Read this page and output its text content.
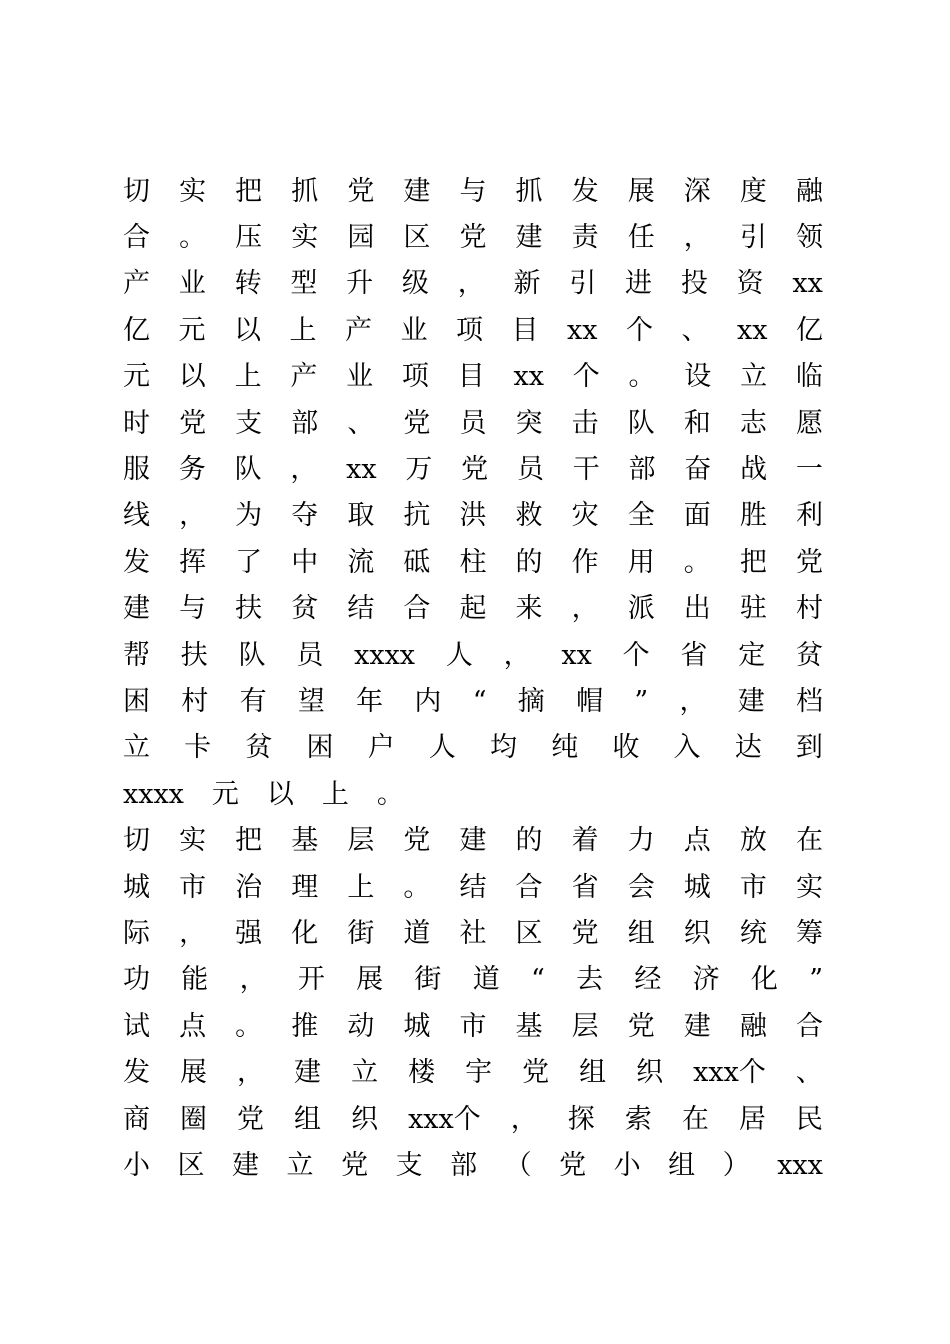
切 实 把 抓 党 建 与 抓 发 展 深 度 融
合 。 压 实 园 区 党 建 责 任 ， 引 领
产 业 转 型 升 级 ， 新 引 进 投 资 xx
亿 元 以 上 产 业 项 目 xx 个 、 xx 亿
元 以 上 产 业 项 目 xx 个 。 设 立 临
时 党 支 部 、 党 员 突 击 队 和 志 愿
服 务 队 ， xx 万 党 员 干 部 奋 战 一
线 ， 为 夺 取 抗 洪 救 灾 全 面 胜 利
发 挥 了 中 流 砥 柱 的 作 用 。 把 党
建 与 扶 贫 结 合 起 来 ， 派 出 驻 村
帮 扶 队 员 xxxx 人 ， xx 个 省 定 贫
困 村 有 望 年 内 “ 摘 帽 ” ， 建 档
立 卡 贫 困 户 人 均 纯 收 入 达 到
xxxx 元 以 上 。
切 实 把 基 层 党 建 的 着 力 点 放 在
城 市 治 理 上 。 结 合 省 会 城 市 实
际 ， 强 化 街 道 社 区 党 组 织 统 筹
功 能 ， 开 展 街 道 “ 去 经 济 化 ”
试 点 。 推 动 城 市 基 层 党 建 融 合
发 展 ， 建 立 楼 宇 党 组 织 xxx个 、
商 圈 党 组 织 xxx个 ， 探 索 在 居 民
小 区 建 立 党 支 部 （ 党 小 组 ） xxx
